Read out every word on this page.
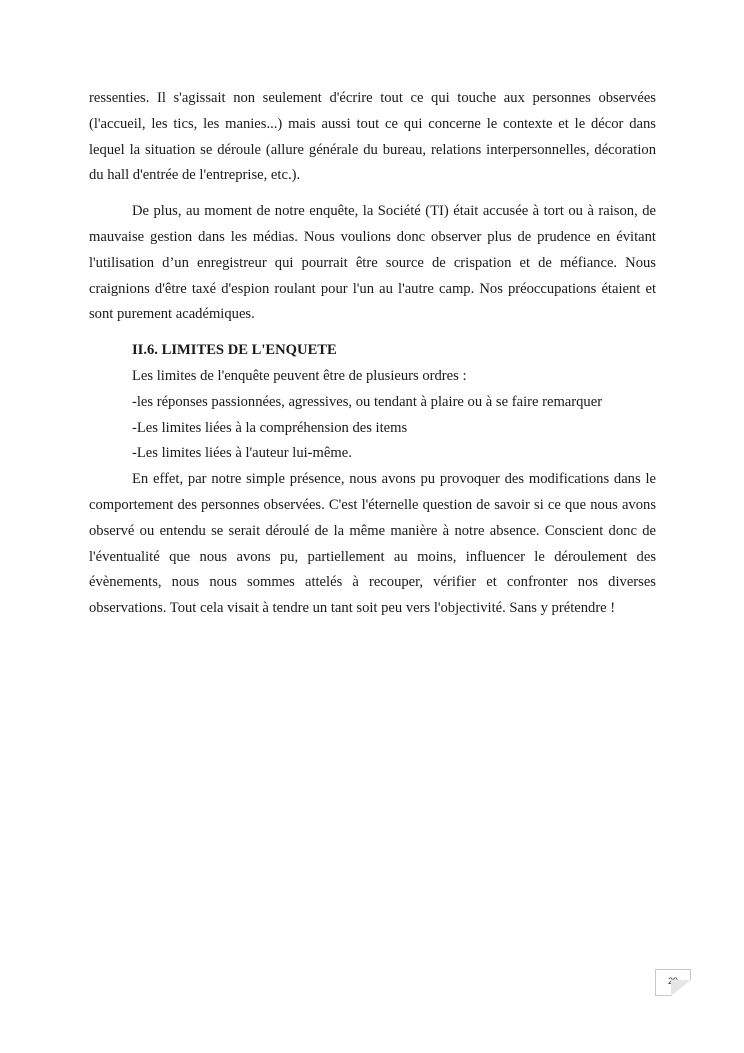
ressenties. Il s'agissait non seulement d'écrire tout ce qui touche aux personnes observées (l'accueil, les tics, les manies...) mais aussi tout ce qui concerne le contexte et le décor dans lequel la situation se déroule (allure générale du bureau, relations interpersonnelles, décoration du hall d'entrée de l'entreprise, etc.).

De plus, au moment de notre enquête, la Société (TI) était accusée à tort ou à raison, de mauvaise gestion dans les médias. Nous voulions donc observer plus de prudence en évitant l'utilisation d’un enregistreur qui pourrait être source de crispation et de méfiance. Nous craignions d'être taxé d'espion roulant pour l'un au l'autre camp. Nos préoccupations étaient et sont purement académiques.

II.6. LIMITES DE L'ENQUETE

Les limites de l'enquête peuvent être de plusieurs ordres :

-les réponses passionnées, agressives, ou tendant à plaire ou à se faire remarquer

-Les limites liées à la compréhension des items

-Les limites liées à l'auteur lui-même.

En effet, par notre simple présence, nous avons pu provoquer des modifications dans le comportement des personnes observées. C'est l'éternelle question de savoir si ce que nous avons observé ou entendu se serait déroulé de la même manière à notre absence. Conscient donc de l'éventualité que nous avons pu, partiellement au moins, influencer le déroulement des évènements, nous nous sommes attelés à recouper, vérifier et confronter nos diverses observations. Tout cela visait à tendre un tant soit peu vers l'objectivité. Sans y prétendre !

29
